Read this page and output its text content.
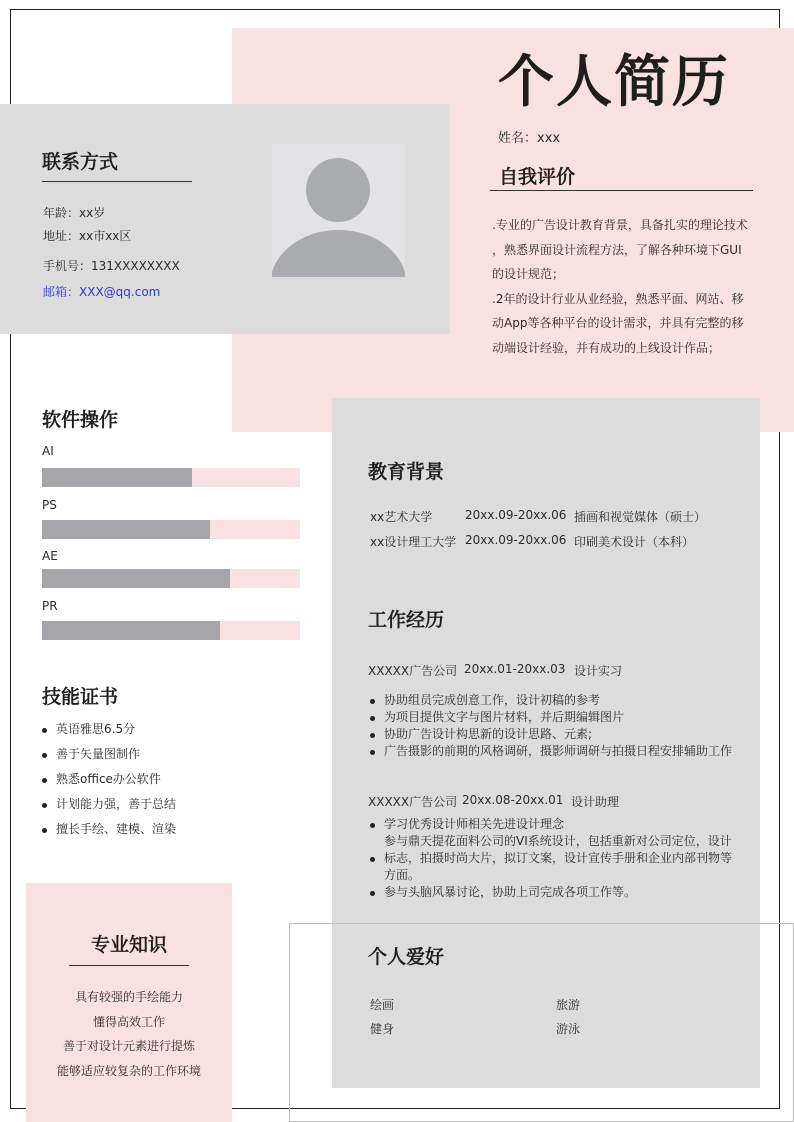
个人简历
姓名：xxx
联系方式
年龄：xx岁
地址：xx市xx区
手机号：131XXXXXXXX
邮箱：XXX@qq.com
自我评价
.专业的广告设计教育背景，具备扎实的理论技术
，熟悉界面设计流程方法，了解各种环境下GUI
的设计规范；
.2年的设计行业从业经验，熟悉平面、网站、移
动App等各种平台的设计需求，并具有完整的移
动端设计经验，并有成功的上线设计作品；
软件操作
AI
PS
AE
PR
技能证书
英语雅思6.5分
善于矢量图制作
熟悉office办公软件
计划能力强，善于总结
擅长手绘、建模、渲染
专业知识
具有较强的手绘能力
懂得高效工作
善于对设计元素进行提炼
能够适应较复杂的工作环境
教育背景
xx艺术大学	20xx.09-20xx.06 插画和视觉媒体（硕士）
xx设计理工大学 20xx.09-20xx.06 印刷美术设计（本科）
工作经历
XXXXX广告公司 20xx.01-20xx.03 设计实习
协助组员完成创意工作，设计初稿的参考
为项目提供文字与图片材料，并后期编辑图片
协助广告设计构思新的设计思路、元素;
广告摄影的前期的风格调研，摄影师调研与拍摄日程安排辅助工作
XXXXX广告公司 20xx.08-20xx.01 设计助理
学习优秀设计师相关先进设计理念
参与鼎天提花面料公司的VI系统设计，包括重新对公司定位，设计标志，拍摄时尚大片，拟订文案，设计宣传手册和企业内部刊物等方面。
参与头脑风暴讨论，协助上司完成各项工作等。
个人爱好
绘画	旅游
健身	游泳
